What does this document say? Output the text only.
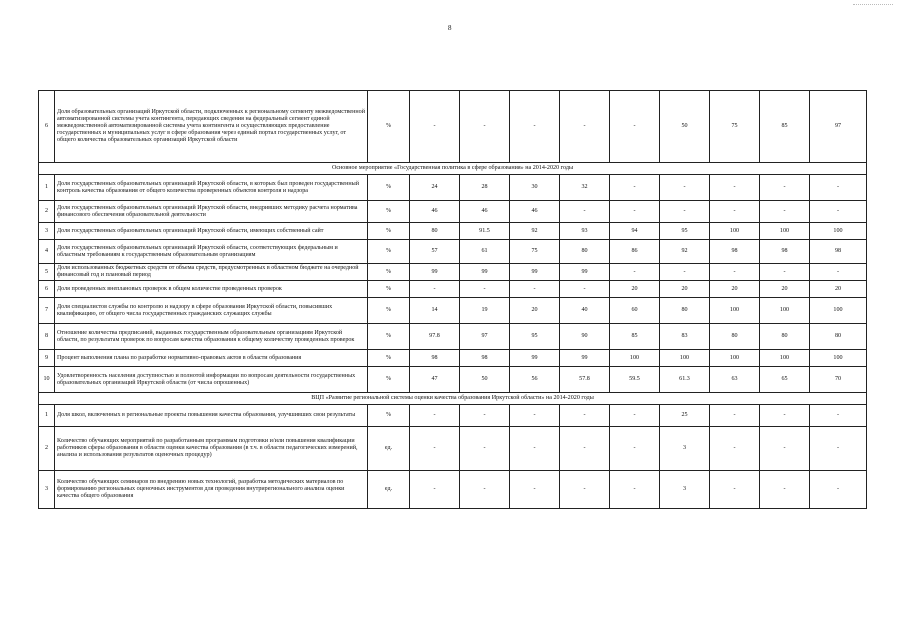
8
6	Доля образовательных организаций Иркутской области, подключенных к региональному сегменту межведомственной автоматизированной системы учета контингента, передающих сведения на федеральный сегмент единой межведомственной автоматизированной системы учета контингента и осуществляющих предоставление государственных и муниципальных услуг в сфере образования через единый портал государственных услуг, от общего количества образовательных организаций Иркутской области	%	-	-	-	-	-	50	75	85	97
Основное мероприятие «Государственная политика в сфере образования» на 2014-2020 годы											
1	Доля государственных образовательных организаций Иркутской области, в которых был проведен государственный контроль качества образования от общего количества проверенных объектов контроля и надзора	%	24	28	30	32	-	-	-	-	-
2	Доля государственных образовательных организаций Иркутской области, внедривших методику расчета норматива финансового обеспечения образовательной деятельности	%	46	46	46	-	-	-	-	-	-
3	Доля государственных образовательных организаций Иркутской области, имеющих собственный сайт	%	80	91.5	92	93	94	95	100	100	100
4	Доля государственных образовательных организаций Иркутской области, соответствующих федеральным и областным требованиям к государственным образовательным организациям	%	57	61	75	80	86	92	98	98	98
5	Доля использованных бюджетных средств от объема средств, предусмотренных в областном бюджете на очередной финансовый год и плановый период	%	99	99	99	99	-	-	-	-	-
6	Доля проведенных внеплановых проверок в общем количестве проведенных проверок	%	-	-	-	-	20	20	20	20	20
7	Доля специалистов службы по контролю и надзору в сфере образования Иркутской области, повысивших квалификацию, от общего числа государственных гражданских служащих службы	%	14	19	20	40	60	80	100	100	100
8	Отношение количества предписаний, выданных государственным образовательным организациям Иркутской области, по результатам проверок по вопросам качества образования к общему количеству проведенных проверок	%	97.8	97	95	90	85	83	80	80	80
9	Процент выполнения плана по разработке нормативно-правовых актов в области образования	%	98	98	99	99	100	100	100	100	100
10	Удовлетворенность населения доступностью и полнотой информации по вопросам деятельности государственных образовательных организаций Иркутской области (от числа опрошенных)	%	47	50	56	57.8	59.5	61.3	63	65	70
ВЦП «Развитие региональной системы оценки качества образования Иркутской области» на 2014-2020 годы											
1	Доля школ, включенных в региональные проекты повышения качества образования, улучшивших свои результаты	%	-	-	-	-	-	25	-	-	-
2	Количество обучающих мероприятий по разработанным программам подготовки и/или повышения квалификации работников сферы образования в области оценки качества образования (в т.ч. в области педагогических измерений, анализа и использования результатов оценочных процедур)	ед.	-	-	-	-	-	3	-	-	-
3	Количество обучающих семинаров по внедрению новых технологий, разработка методических материалов по формированию региональных оценочных инструментов для проведения внутрирегионального анализа оценки качества общего образования	ед.	-	-	-	-	-	3	-	-	-
